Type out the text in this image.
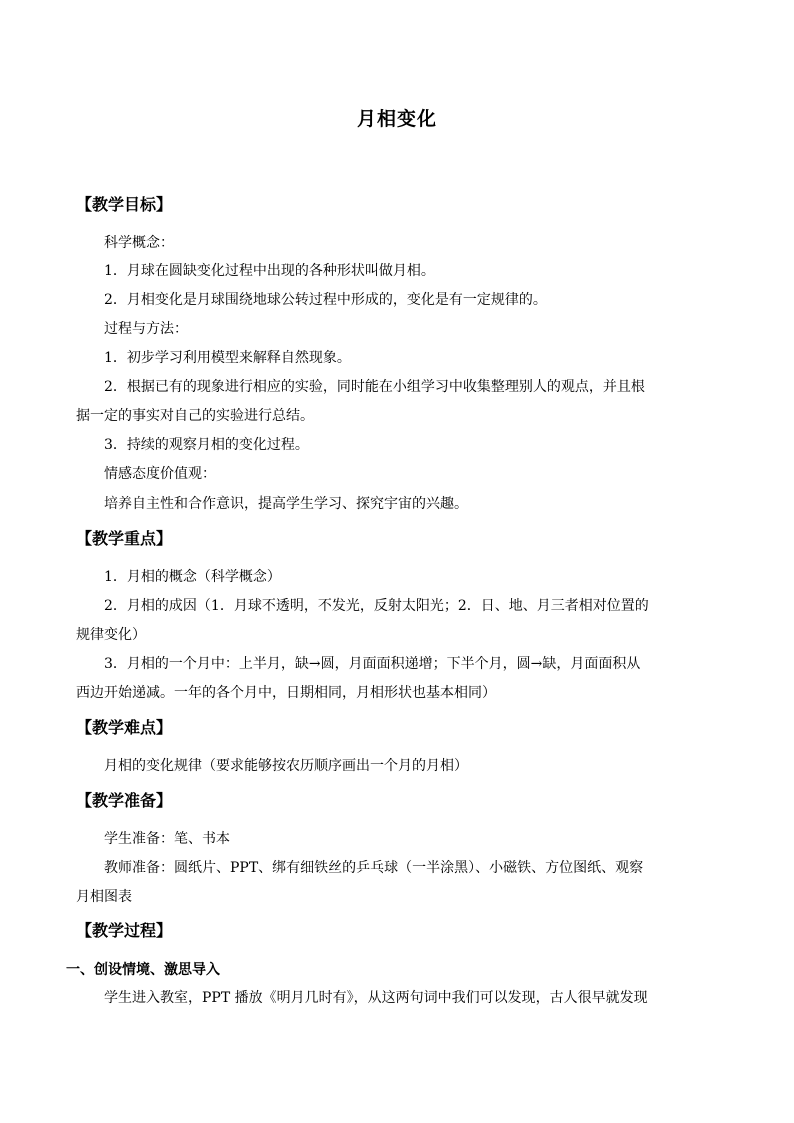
月相变化
【教学目标】
科学概念：
1．月球在圆缺变化过程中出现的各种形状叫做月相。
2．月相变化是月球围绕地球公转过程中形成的，变化是有一定规律的。
过程与方法：
1．初步学习利用模型来解释自然现象。
2．根据已有的现象进行相应的实验，同时能在小组学习中收集整理别人的观点，并且根
据一定的事实对自己的实验进行总结。
3．持续的观察月相的变化过程。
情感态度价值观：
培养自主性和合作意识，提高学生学习、探究宇宙的兴趣。
【教学重点】
1．月相的概念（科学概念）
2．月相的成因（1．月球不透明，不发光，反射太阳光；2．日、地、月三者相对位置的
规律变化）
3．月相的一个月中：上半月，缺→圆，月面面积递增；下半个月，圆→缺，月面面积从
西边开始递减。一年的各个月中，日期相同，月相形状也基本相同）
【教学难点】
月相的变化规律（要求能够按农历顺序画出一个月的月相）
【教学准备】
学生准备：笔、书本
教师准备：圆纸片、PPT、绑有细铁丝的乒乓球（一半涂黑）、小磁铁、方位图纸、观察
月相图表
【教学过程】
一、创设情境、激思导入
学生进入教室，PPT 播放《明月几时有》，从这两句词中我们可以发现，古人很早就发现
